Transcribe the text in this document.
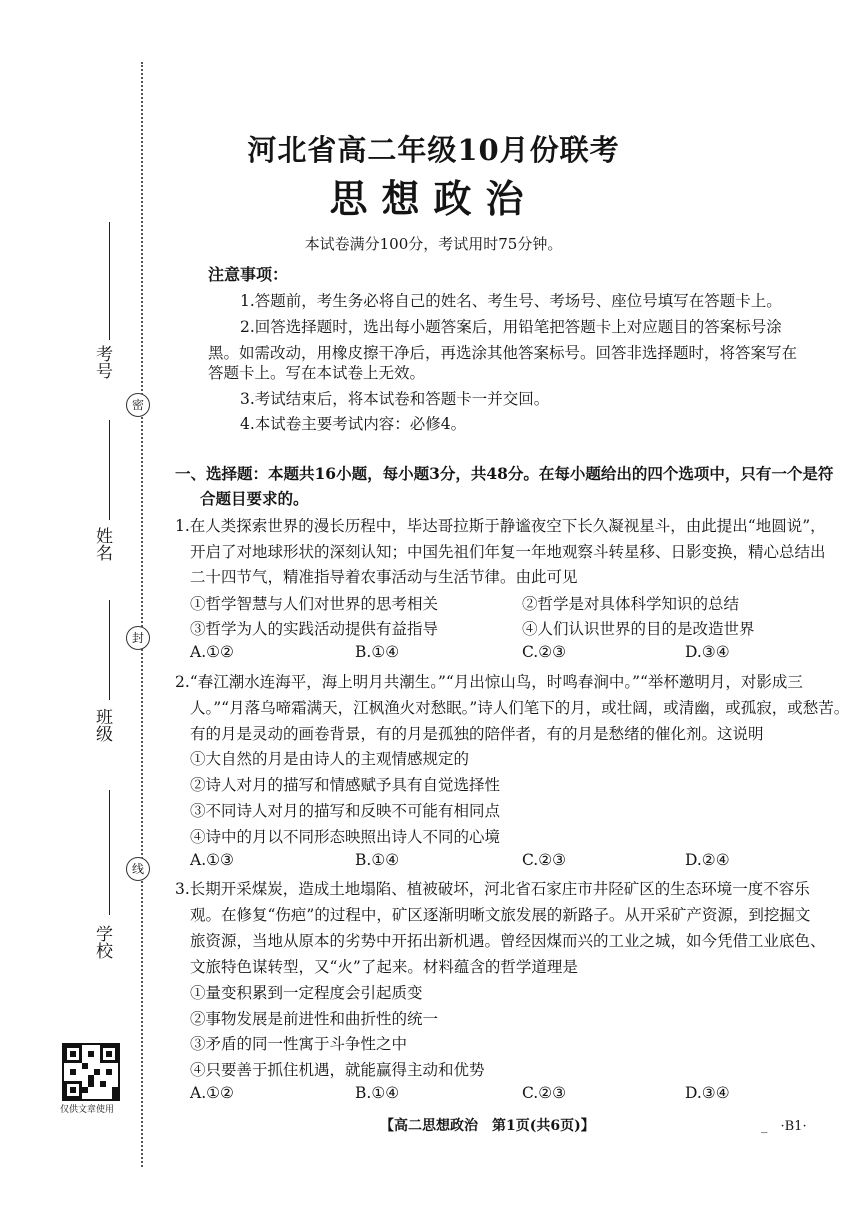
考号
姓名
班级
学校
密
封
线
仅供文章使用
河北省高二年级10月份联考
思想政治
本试卷满分100分，考试用时75分钟。
注意事项：
1.答题前，考生务必将自己的姓名、考生号、考场号、座位号填写在答题卡上。
2.回答选择题时，选出每小题答案后，用铅笔把答题卡上对应题目的答案标号涂
黑。如需改动，用橡皮擦干净后，再选涂其他答案标号。回答非选择题时，将答案写在
答题卡上。写在本试卷上无效。
3.考试结束后，将本试卷和答题卡一并交回。
4.本试卷主要考试内容：必修4。
一、选择题：本题共16小题，每小题3分，共48分。在每小题给出的四个选项中，只有一个是符
合题目要求的。
1.在人类探索世界的漫长历程中，毕达哥拉斯于静谧夜空下长久凝视星斗，由此提出“地圆说”，
开启了对地球形状的深刻认知；中国先祖们年复一年地观察斗转星移、日影变换，精心总结出
二十四节气，精准指导着农事活动与生活节律。由此可见
①哲学智慧与人们对世界的思考相关	②哲学是对具体科学知识的总结
③哲学为人的实践活动提供有益指导	④人们认识世界的目的是改造世界
A.①②	B.①④	C.②③	D.③④
2.“春江潮水连海平，海上明月共潮生。”“月出惊山鸟，时鸣春涧中。”“举杯邀明月，对影成三
人。”“月落乌啼霜满天，江枫渔火对愁眠。”诗人们笔下的月，或壮阔，或清幽，或孤寂，或愁苦。
有的月是灵动的画卷背景，有的月是孤独的陪伴者，有的月是愁绪的催化剂。这说明
①大自然的月是由诗人的主观情感规定的
②诗人对月的描写和情感赋予具有自觉选择性
③不同诗人对月的描写和反映不可能有相同点
④诗中的月以不同形态映照出诗人不同的心境
A.①③	B.①④	C.②③	D.②④
3.长期开采煤炭，造成土地塌陷、植被破坏，河北省石家庄市井陉矿区的生态环境一度不容乐
观。在修复“伤疤”的过程中，矿区逐渐明晰文旅发展的新路子。从开采矿产资源，到挖掘文
旅资源，当地从原本的劣势中开拓出新机遇。曾经因煤而兴的工业之城，如今凭借工业底色、
文旅特色谋转型，又“火”了起来。材料蕴含的哲学道理是
①量变积累到一定程度会引起质变
②事物发展是前进性和曲折性的统一
③矛盾的同一性寓于斗争性之中
④只要善于抓住机遇，就能赢得主动和优势
A.①②	B.①④	C.②③	D.③④
【高二思想政治　第1页(共6页)】	_　·B1·
